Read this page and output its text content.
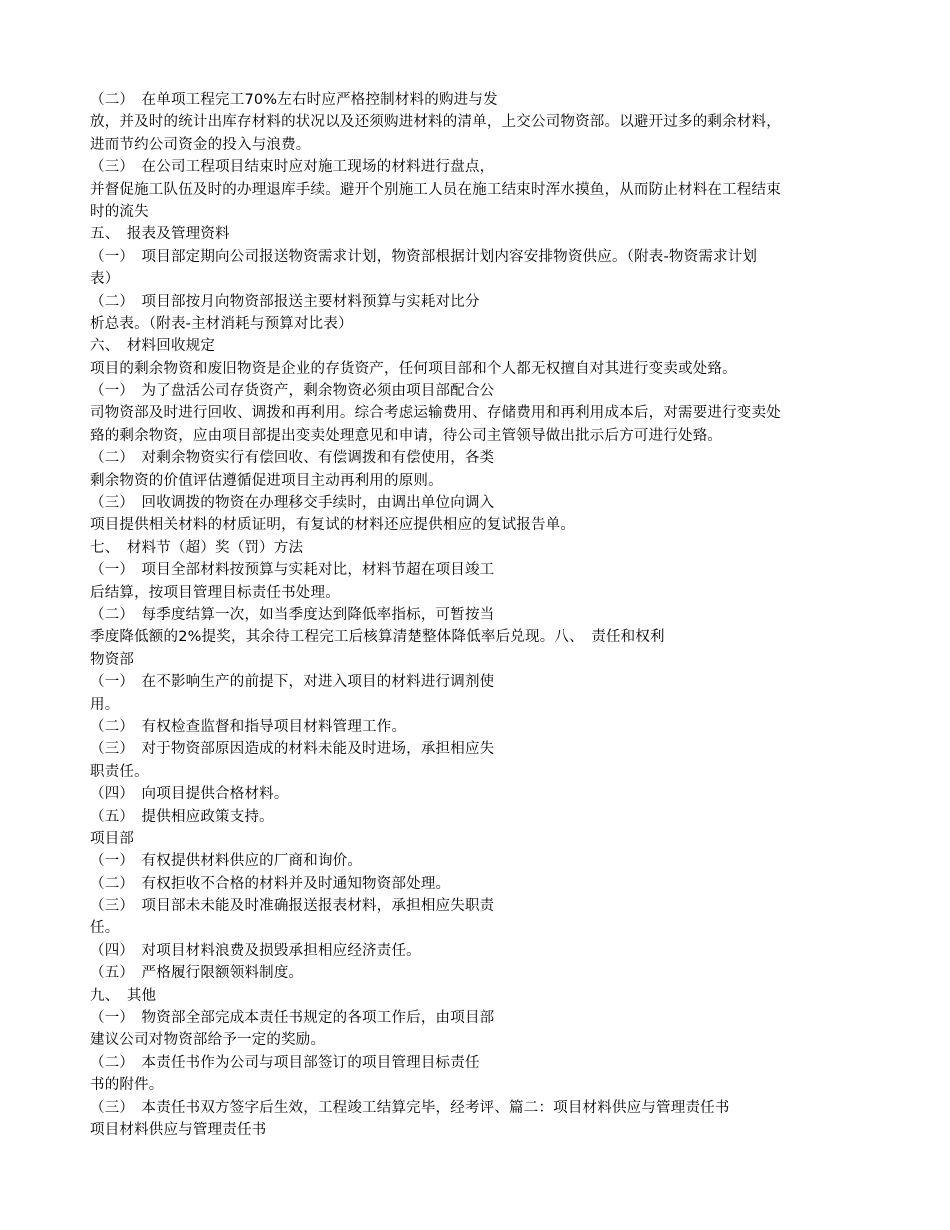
（二）　在单项工程完工70%左右时应严格控制材料的购进与发
放，并及时的统计出库存材料的状况以及还须购进材料的清单，上交公司物资部。以避开过多的剩余材料，
进而节约公司资金的投入与浪费。
（三）　在公司工程项目结束时应对施工现场的材料进行盘点，
并督促施工队伍及时的办理退库手续。避开个别施工人员在施工结束时浑水摸鱼，从而防止材料在工程结束
时的流失
五、　报表及管理资料
（一）　项目部定期向公司报送物资需求计划，物资部根据计划内容安排物资供应。（附表-物资需求计划
表）
（二）　项目部按月向物资部报送主要材料预算与实耗对比分
析总表。（附表-主材消耗与预算对比表）
六、　材料回收规定
项目的剩余物资和废旧物资是企业的存货资产，任何项目部和个人都无权擅自对其进行变卖或处臵。
（一）　为了盘活公司存货资产，剩余物资必须由项目部配合公
司物资部及时进行回收、调拨和再利用。综合考虑运输费用、存储费用和再利用成本后，对需要进行变卖处
臵的剩余物资，应由项目部提出变卖处理意见和申请，待公司主管领导做出批示后方可进行处臵。
（二）　对剩余物资实行有偿回收、有偿调拨和有偿使用，各类
剩余物资的价值评估遵循促进项目主动再利用的原则。
（三）　回收调拨的物资在办理移交手续时，由调出单位向调入
项目提供相关材料的材质证明，有复试的材料还应提供相应的复试报告单。
七、　材料节（超）奖（罚）方法
（一）　项目全部材料按预算与实耗对比，材料节超在项目竣工
后结算，按项目管理目标责任书处理。
（二）　每季度结算一次，如当季度达到降低率指标，可暂按当
季度降低额的2%提奖，其余待工程完工后核算清楚整体降低率后兑现。八、　责任和权利
物资部
（一）　在不影响生产的前提下，对进入项目的材料进行调剂使
用。
（二）　有权检查监督和指导项目材料管理工作。
（三）　对于物资部原因造成的材料未能及时进场，承担相应失
职责任。
（四）　向项目提供合格材料。
（五）　提供相应政策支持。
项目部
（一）　有权提供材料供应的厂商和询价。
（二）　有权拒收不合格的材料并及时通知物资部处理。
（三）　项目部未未能及时准确报送报表材料，承担相应失职责
任。
（四）　对项目材料浪费及损毁承担相应经济责任。
（五）　严格履行限额领料制度。
九、　其他
（一）　物资部全部完成本责任书规定的各项工作后，由项目部
建议公司对物资部给予一定的奖励。
（二）　本责任书作为公司与项目部签订的项目管理目标责任
书的附件。
（三）　本责任书双方签字后生效，工程竣工结算完毕，经考评、篇二：项目材料供应与管理责任书
项目材料供应与管理责任书
